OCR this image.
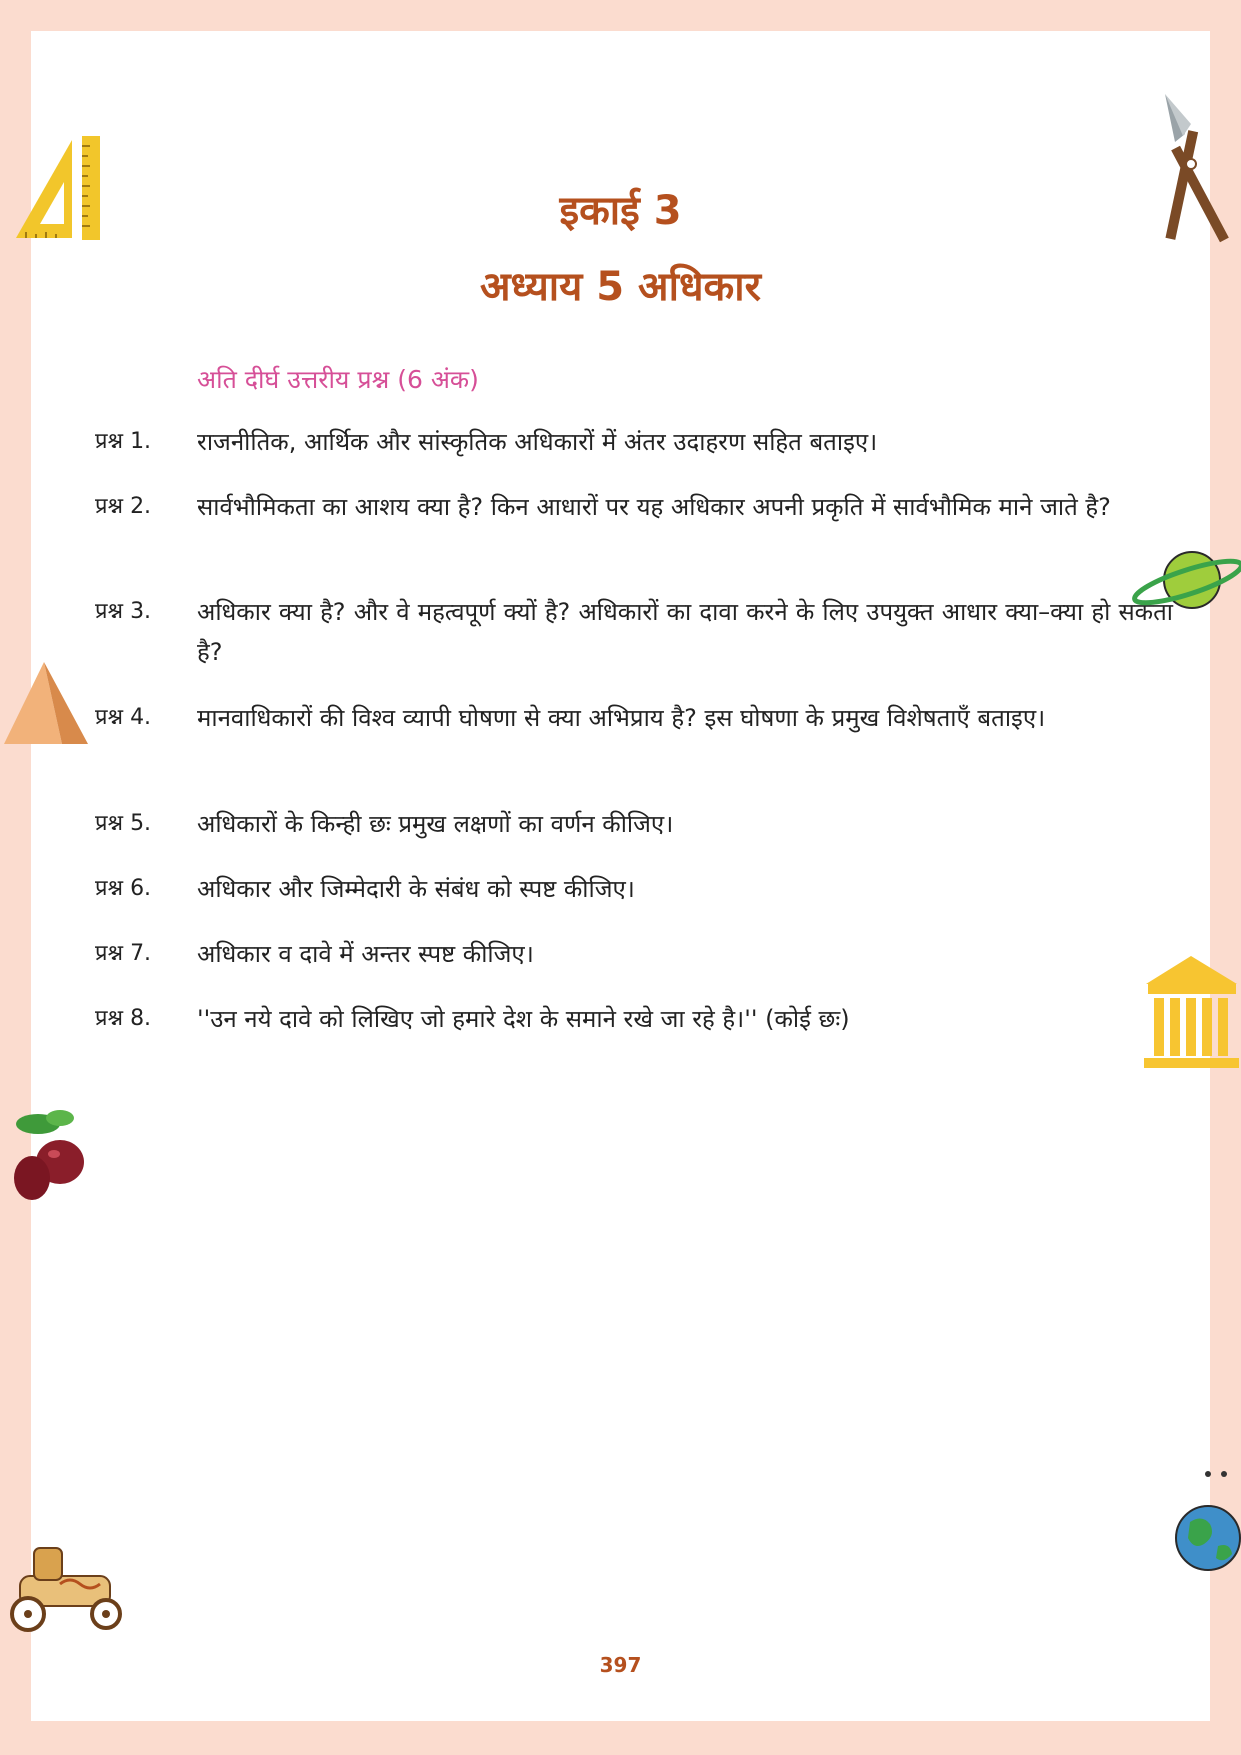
इकाई 3
अध्याय 5 अधिकार
अति दीर्घ उत्तरीय प्रश्न (6 अंक)
प्रश्न 1.	राजनीतिक, आर्थिक और सांस्कृतिक अधिकारों में अंतर उदाहरण सहित बताइए।
प्रश्न 2.	सार्वभौमिकता का आशय क्या है? किन आधारों पर यह अधिकार अपनी प्रकृति में सार्वभौमिक माने जाते है?
प्रश्न 3.	अधिकार क्या है? और वे महत्वपूर्ण क्यों है? अधिकारों का दावा करने के लिए उपयुक्त आधार क्या–क्या हो सकता है?
प्रश्न 4.	मानवाधिकारों की विश्व व्यापी घोषणा से क्या अभिप्राय है? इस घोषणा के प्रमुख विशेषताएँ बताइए।
प्रश्न 5.	अधिकारों के किन्ही छः प्रमुख लक्षणों का वर्णन कीजिए।
प्रश्न 6.	अधिकार और जिम्मेदारी के संबंध को स्पष्ट कीजिए।
प्रश्न 7.	अधिकार व दावे में अन्तर स्पष्ट कीजिए।
प्रश्न 8.	''उन नये दावे को लिखिए जो हमारे देश के समाने रखे जा रहे है।'' (कोई छः)
397
